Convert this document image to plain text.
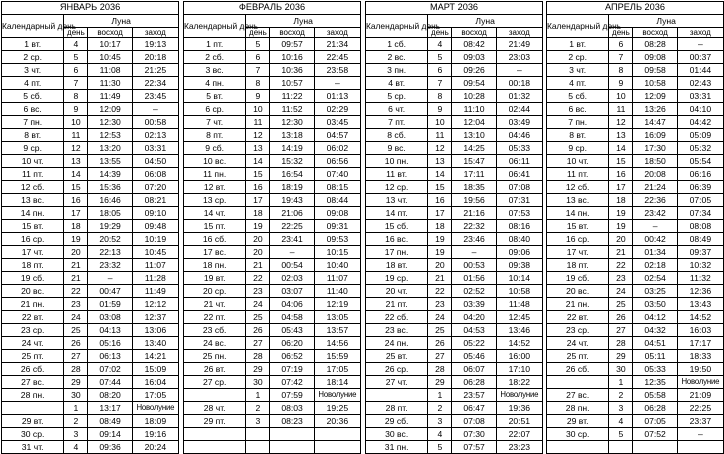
ЯНВАРЬ 2036			
Календарный день	Луна		
	день	восход	заход
1 вт.	4	10:17	19:13
2 ср.	5	10:45	20:18
3 чт.	6	11:08	21:25
4 пт.	7	11:30	22:34
5 сб.	8	11:49	23:45
6 вс.	9	12:09	–
7 пн.	10	12:30	00:58
8 вт.	11	12:53	02:13
9 ср.	12	13:20	03:31
10 чт.	13	13:55	04:50
11 пт.	14	14:39	06:08
12 сб.	15	15:36	07:20
13 вс.	16	16:46	08:21
14 пн.	17	18:05	09:10
15 вт.	18	19:29	09:48
16 ср.	19	20:52	10:19
17 чт.	20	22:13	10:45
18 пт.	21	23:32	11:07
19 сб.	21	–	11:28
20 вс.	22	00:47	11:49
21 пн.	23	01:59	12:12
22 вт.	24	03:08	12:37
23 ср.	25	04:13	13:06
24 чт.	26	05:16	13:40
25 пт.	27	06:13	14:21
26 сб.	28	07:02	15:09
27 вс.	29	07:44	16:04
28 пн.	30	08:20	17:05
	1	13:17	Новолуние
29 вт.	2	08:49	18:09
30 ср.	3	09:14	19:16
31 чт.	4	09:36	20:24
ФЕВРАЛЬ 2036			
Календарный день	Луна		
	день	восход	заход
1 пт.	5	09:57	21:34
2 сб.	6	10:16	22:45
3 вс.	7	10:36	23:58
4 пн.	8	10:57	–
5 вт.	9	11:22	01:13
6 ср.	10	11:52	02:29
7 чт.	11	12:30	03:45
8 пт.	12	13:18	04:57
9 сб.	13	14:19	06:02
10 вс.	14	15:32	06:56
11 пн.	15	16:54	07:40
12 вт.	16	18:19	08:15
13 ср.	17	19:43	08:44
14 чт.	18	21:06	09:08
15 пт.	19	22:25	09:31
16 сб.	20	23:41	09:53
17 вс.	20	–	10:15
18 пн.	21	00:54	10:40
19 вт.	22	02:03	11:07
20 ср.	23	03:07	11:40
21 чт.	24	04:06	12:19
22 пт.	25	04:58	13:05
23 сб.	26	05:43	13:57
24 вс.	27	06:20	14:56
25 пн.	28	06:52	15:59
26 вт.	29	07:19	17:05
27 ср.	30	07:42	18:14
	1	07:59	Новолуние
28 чт.	2	08:03	19:25
29 пт.	3	08:23	20:36

МАРТ 2036			
Календарный день	Луна		
	день	восход	заход
1 сб.	4	08:42	21:49
2 вс.	5	09:03	23:03
3 пн.	6	09:26	–
4 вт.	7	09:54	00:18
5 ср.	8	10:28	01:32
6 чт.	9	11:10	02:44
7 пт.	10	12:04	03:49
8 сб.	11	13:10	04:46
9 вс.	12	14:25	05:33
10 пн.	13	15:47	06:11
11 вт.	14	17:11	06:41
12 ср.	15	18:35	07:08
13 чт.	16	19:56	07:31
14 пт.	17	21:16	07:53
15 сб.	18	22:32	08:16
16 вс.	19	23:46	08:40
17 пн.	19	–	09:06
18 вт.	20	00:53	09:38
19 ср.	21	01:56	10:14
20 чт.	22	02:52	10:58
21 пт.	23	03:39	11:48
22 сб.	24	04:20	12:45
23 вс.	25	04:53	13:46
24 пн.	26	05:22	14:52
25 вт.	27	05:46	16:00
26 ср.	28	06:07	17:10
27 чт.	29	06:28	18:22
	1	23:57	Новолуние
28 пт.	2	06:47	19:36
29 сб.	3	07:08	20:51
30 вс.	4	07:30	22:07
31 пн.	5	07:57	23:23
АПРЕЛЬ 2036			
Календарный день	Луна		
	день	восход	заход
1 вт.	6	08:28	–
2 ср.	7	09:08	00:37
3 чт.	8	09:58	01:44
4 пт.	9	10:58	02:43
5 сб.	10	12:09	03:31
6 вс.	11	13:26	04:10
7 пн.	12	14:47	04:42
8 вт.	13	16:09	05:09
9 ср.	14	17:30	05:32
10 чт.	15	18:50	05:54
11 пт.	16	20:08	06:16
12 сб.	17	21:24	06:39
13 вс.	18	22:36	07:05
14 пн.	19	23:42	07:34
15 вт.	19	–	08:08
16 ср.	20	00:42	08:49
17 чт.	21	01:34	09:37
18 пт.	22	02:18	10:32
19 сб.	23	02:54	11:32
20 вс.	24	03:25	12:36
21 пн.	25	03:50	13:43
22 вт.	26	04:12	14:52
23 ср.	27	04:32	16:03
24 чт.	28	04:51	17:17
25 пт.	29	05:11	18:33
26 сб.	30	05:33	19:50
	1	12:35	Новолуние
27 вс.	2	05:58	21:09
28 пн.	3	06:28	22:25
29 вт.	4	07:05	23:37
30 ср.	5	07:52	–
